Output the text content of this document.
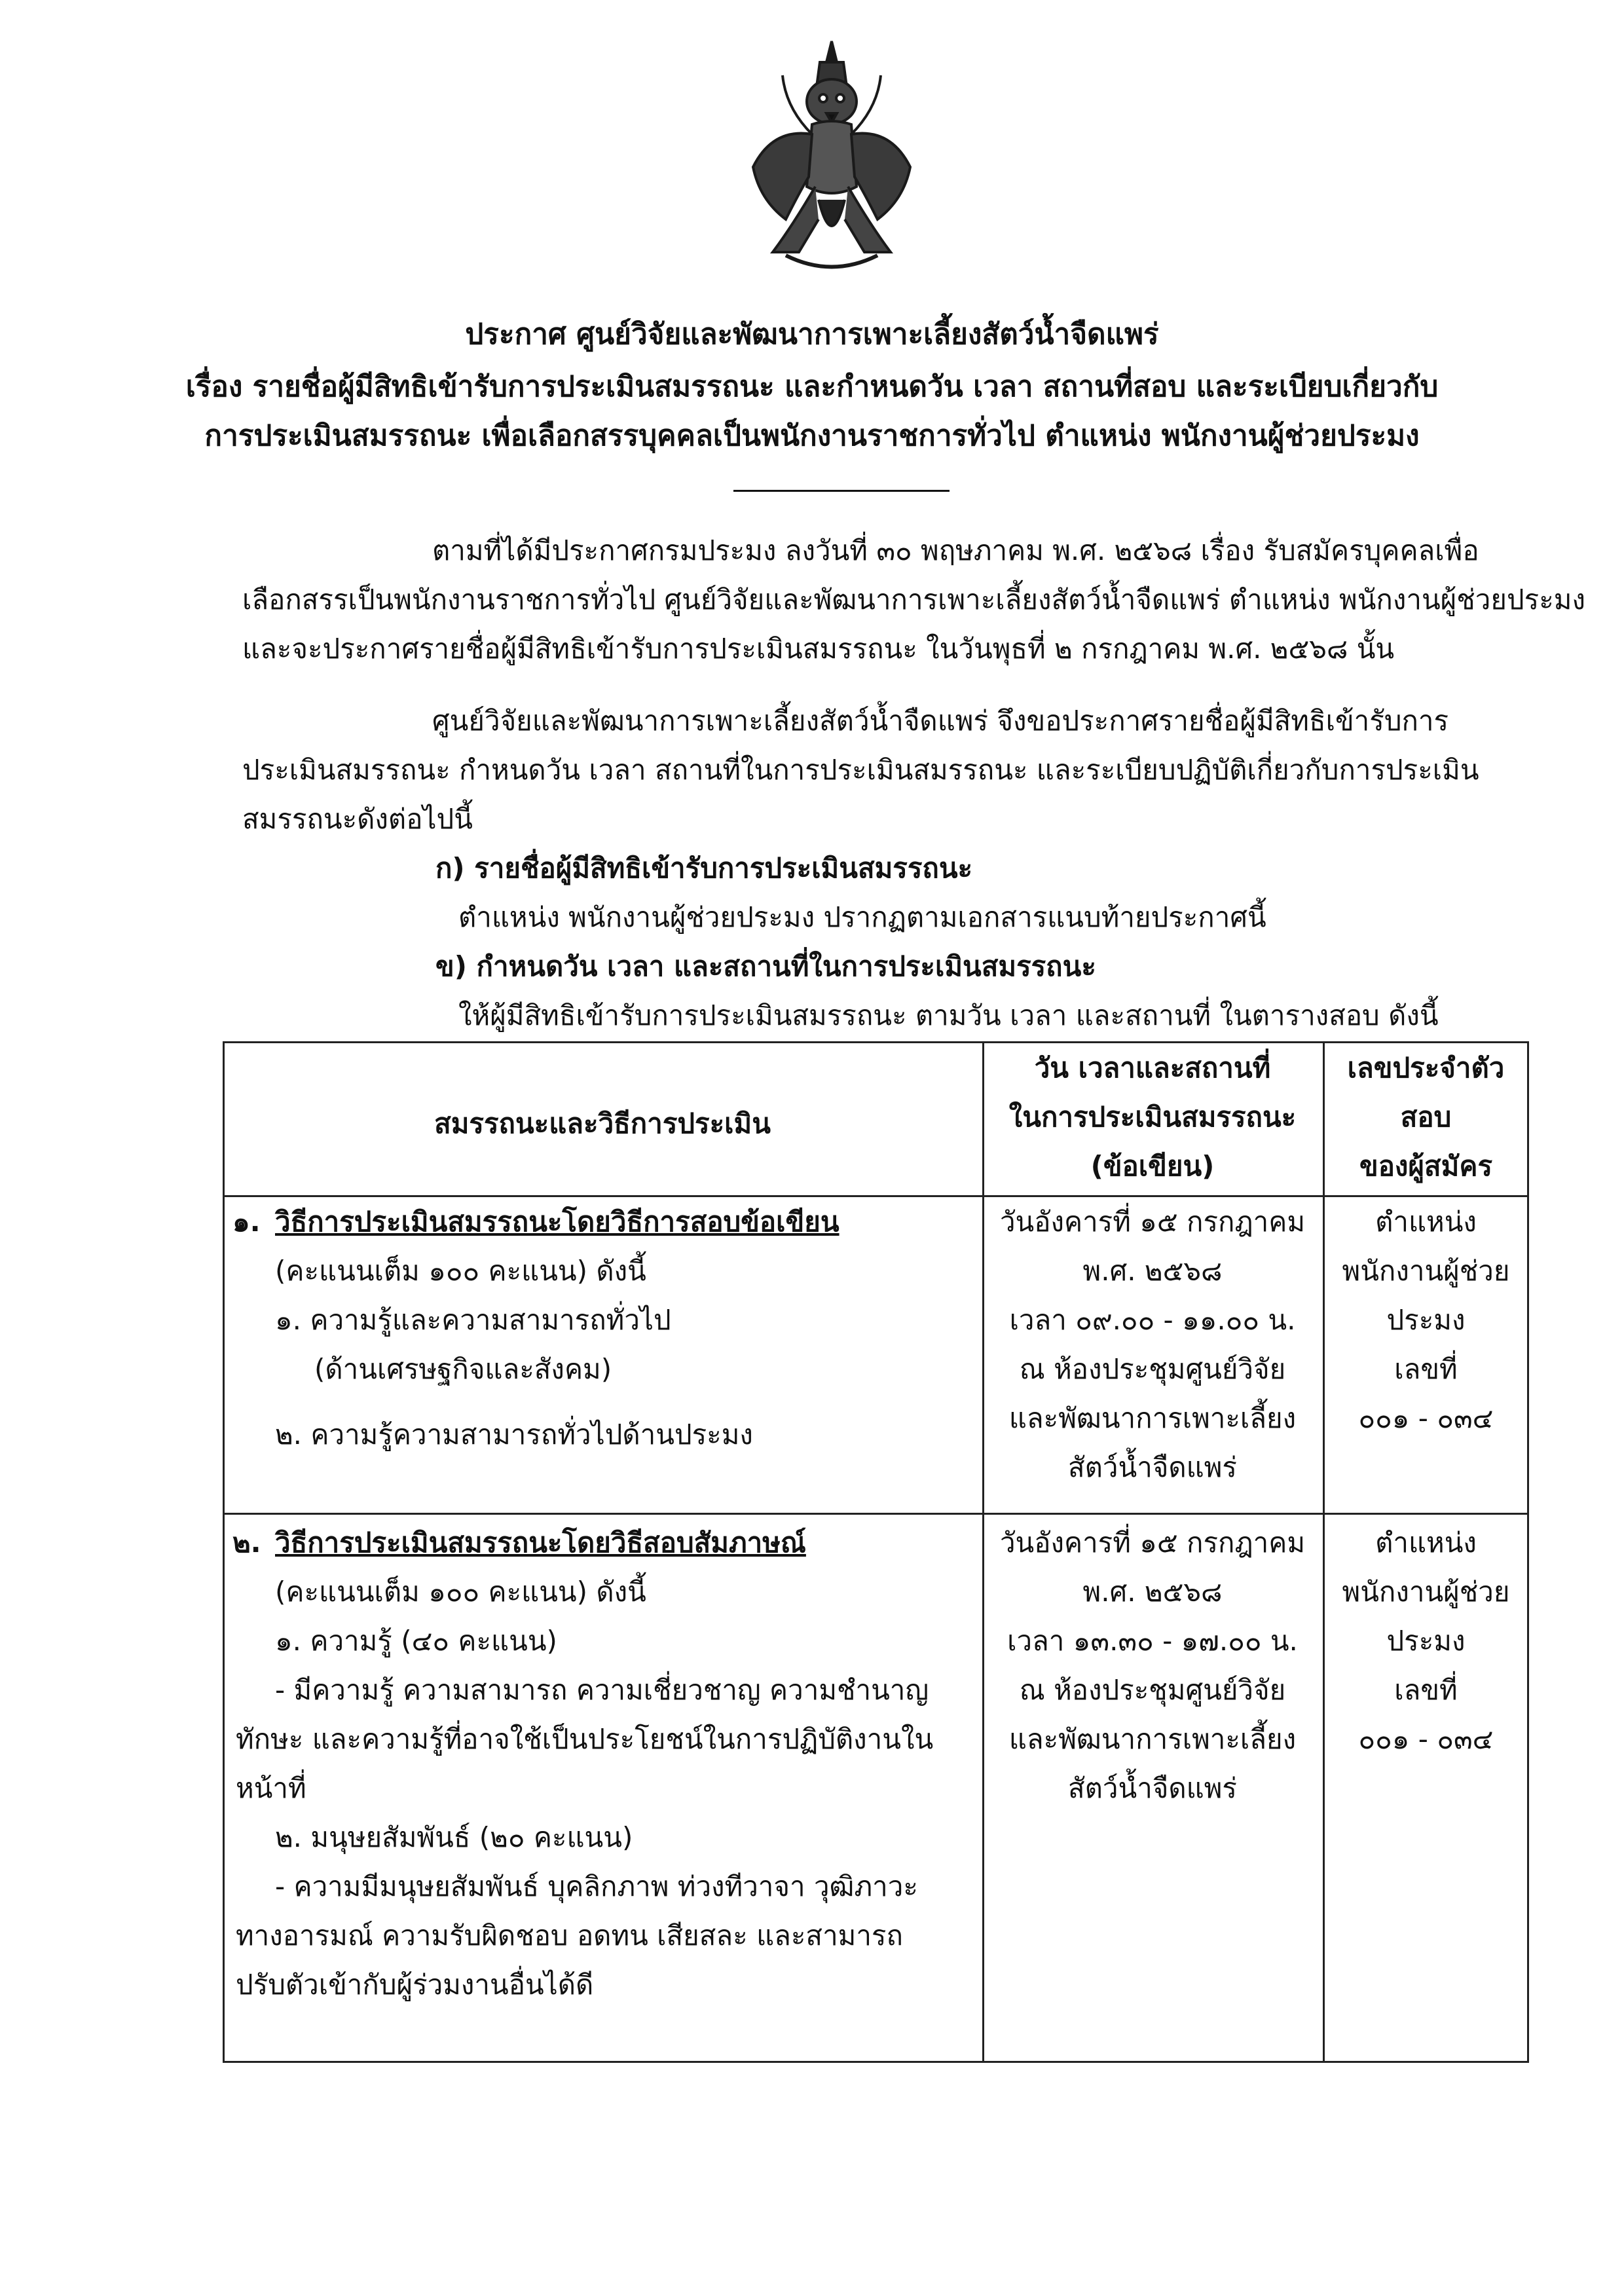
ประกาศ ศูนย์วิจัยและพัฒนาการเพาะเลี้ยงสัตว์น้ำจืดแพร่
เรื่อง รายชื่อผู้มีสิทธิเข้ารับการประเมินสมรรถนะ และกำหนดวัน เวลา สถานที่สอบ และระเบียบเกี่ยวกับ
การประเมินสมรรถนะ เพื่อเลือกสรรบุคคลเป็นพนักงานราชการทั่วไป ตำแหน่ง พนักงานผู้ช่วยประมง
ตามที่ได้มีประกาศกรมประมง ลงวันที่ ๓๐ พฤษภาคม พ.ศ. ๒๕๖๘ เรื่อง รับสมัครบุคคลเพื่อ
เลือกสรรเป็นพนักงานราชการทั่วไป ศูนย์วิจัยและพัฒนาการเพาะเลี้ยงสัตว์น้ำจืดแพร่ ตำแหน่ง พนักงานผู้ช่วยประมง
และจะประกาศรายชื่อผู้มีสิทธิเข้ารับการประเมินสมรรถนะ ในวันพุธที่ ๒ กรกฎาคม พ.ศ. ๒๕๖๘ นั้น
ศูนย์วิจัยและพัฒนาการเพาะเลี้ยงสัตว์น้ำจืดแพร่ จึงขอประกาศรายชื่อผู้มีสิทธิเข้ารับการ
ประเมินสมรรถนะ กำหนดวัน เวลา สถานที่ในการประเมินสมรรถนะ และระเบียบปฏิบัติเกี่ยวกับการประเมิน
สมรรถนะดังต่อไปนี้
ก) รายชื่อผู้มีสิทธิเข้ารับการประเมินสมรรถนะ
ตำแหน่ง พนักงานผู้ช่วยประมง ปรากฏตามเอกสารแนบท้ายประกาศนี้
ข) กำหนดวัน เวลา และสถานที่ในการประเมินสมรรถนะ
ให้ผู้มีสิทธิเข้ารับการประเมินสมรรถนะ ตามวัน เวลา และสถานที่ ในตารางสอบ ดังนี้
สมรรถนะและวิธีการประเมิน
วัน เวลาและสถานที่
ในการประเมินสมรรถนะ
(ข้อเขียน)
เลขประจำตัว
สอบ
ของผู้สมัคร
๑. วิธีการประเมินสมรรถนะโดยวิธีการสอบข้อเขียน
(คะแนนเต็ม ๑๐๐ คะแนน) ดังนี้
๑. ความรู้และความสามารถทั่วไป
(ด้านเศรษฐกิจและสังคม)
๒. ความรู้ความสามารถทั่วไปด้านประมง
วันอังคารที่ ๑๕ กรกฎาคม
พ.ศ. ๒๕๖๘
เวลา ๐๙.๐๐ - ๑๑.๐๐ น.
ณ ห้องประชุมศูนย์วิจัย
และพัฒนาการเพาะเลี้ยง
สัตว์น้ำจืดแพร่
ตำแหน่ง
พนักงานผู้ช่วย
ประมง
เลขที่
๐๐๑ - ๐๓๔
๒. วิธีการประเมินสมรรถนะโดยวิธีสอบสัมภาษณ์
(คะแนนเต็ม ๑๐๐ คะแนน) ดังนี้
๑. ความรู้ (๔๐ คะแนน)
- มีความรู้ ความสามารถ ความเชี่ยวชาญ ความชำนาญ
ทักษะ และความรู้ที่อาจใช้เป็นประโยชน์ในการปฏิบัติงานใน
หน้าที่
๒. มนุษยสัมพันธ์ (๒๐ คะแนน)
- ความมีมนุษยสัมพันธ์ บุคลิกภาพ ท่วงทีวาจา วุฒิภาวะ
ทางอารมณ์ ความรับผิดชอบ อดทน เสียสละ และสามารถ
ปรับตัวเข้ากับผู้ร่วมงานอื่นได้ดี
วันอังคารที่ ๑๕ กรกฎาคม
พ.ศ. ๒๕๖๘
เวลา ๑๓.๓๐ - ๑๗.๐๐ น.
ณ ห้องประชุมศูนย์วิจัย
และพัฒนาการเพาะเลี้ยง
สัตว์น้ำจืดแพร่
ตำแหน่ง
พนักงานผู้ช่วย
ประมง
เลขที่
๐๐๑ - ๐๓๔
